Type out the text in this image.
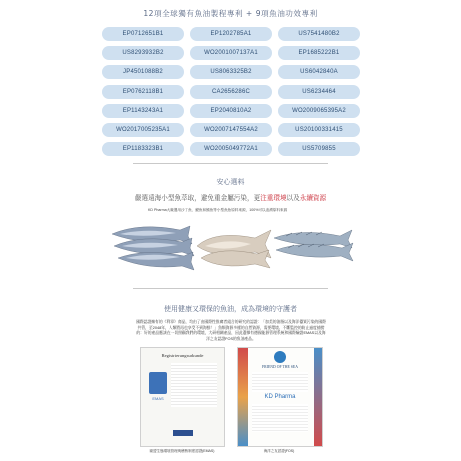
12項全球獨有魚油製程專利 + 9項魚油功效專利
EP0712651B1	EP1202785A1	US7541480B2
US8293932B2	WO2001007137A1	EP1685222B1
JP4501088B2	US8063325B2	US6042840A
EP0762118B1	CA2656286C	US6234464
EP1143243A1	EP2040810A2	WO2009065395A2
WO2017005235A1	WO2007147554A2	US20100331415
EP1183323B1	WO2005049772A1	US5709855
安心選料
嚴選遠海小型魚萃取，避免重金屬污染，更注重環境以及永續資源
KD Pharma大廠選用沙丁魚、鯷魚和鯖魚等小型魚魚原料來源，100%可以追溯原料來源
使用健康又環保的魚油，成為環境的守護者
國際認證擁有的《利寧》商品，均由了由國際性推廣者組合的研究的認證：「加美的油脂以及海洋優質污染的國際共管，至2048年，人類將再也享受不到海鮮！」魚類資源多樣的自然資源，需要環境、不斷監控的防止過度捕撈的：好的產品應該在一切照顧我們的環境，大研相關產品，因此選擇有德國能源管理系統和國際驗證EMAS以及海洋之友認證FOS的魚油產品。
Registrierungsurkunde
EMAS
FRIEND OF THE SEA
KD Pharma
歐盟生態環境管理與稽核制度認證(EMAS)	海洋之友認證(FOS)
